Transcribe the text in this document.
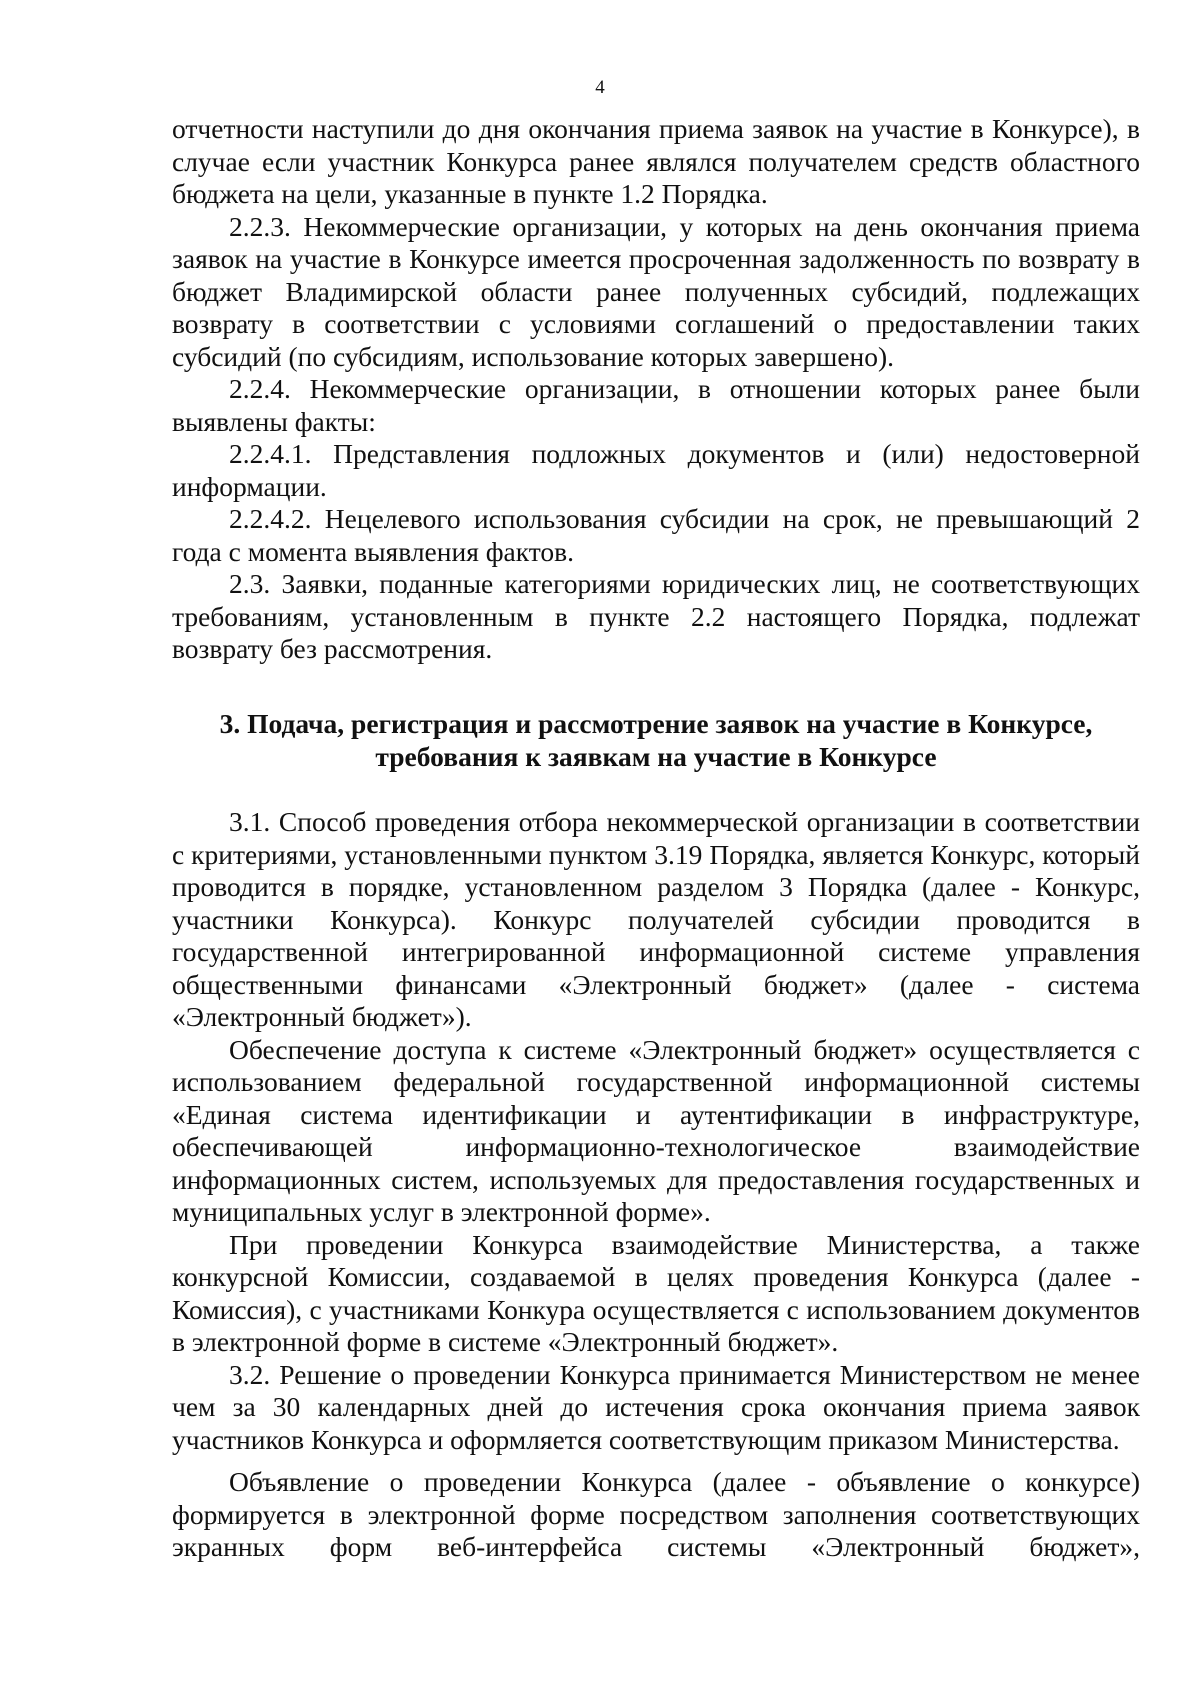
4

отчетности наступили до дня окончания приема заявок на участие в Конкурсе), в случае если участник Конкурса ранее являлся получателем средств областного бюджета на цели, указанные в пункте 1.2 Порядка.

2.2.3. Некоммерческие организации, у которых на день окончания приема заявок на участие в Конкурсе имеется просроченная задолженность по возврату в бюджет Владимирской области ранее полученных субсидий, подлежащих возврату в соответствии с условиями соглашений о предоставлении таких субсидий (по субсидиям, использование которых завершено).

2.2.4. Некоммерческие организации, в отношении которых ранее были выявлены факты:

2.2.4.1. Представления подложных документов и (или) недостоверной информации.

2.2.4.2. Нецелевого использования субсидии на срок, не превышающий 2 года с момента выявления фактов.

2.3. Заявки, поданные категориями юридических лиц, не соответствующих требованиям, установленным в пункте 2.2 настоящего Порядка, подлежат возврату без рассмотрения.

3. Подача, регистрация и рассмотрение заявок на участие в Конкурсе,
требования к заявкам на участие в Конкурсе

3.1. Способ проведения отбора некоммерческой организации в соответствии с критериями, установленными пунктом 3.19 Порядка, является Конкурс, который проводится в порядке, установленном разделом 3 Порядка (далее - Конкурс, участники Конкурса). Конкурс получателей субсидии проводится в государственной интегрированной информационной системе управления общественными финансами «Электронный бюджет» (далее - система «Электронный бюджет»).

Обеспечение доступа к системе «Электронный бюджет» осуществляется с использованием федеральной государственной информационной системы «Единая система идентификации и аутентификации в инфраструктуре, обеспечивающей информационно-технологическое взаимодействие информационных систем, используемых для предоставления государственных и муниципальных услуг в электронной форме».

При проведении Конкурса взаимодействие Министерства, а также конкурсной Комиссии, создаваемой в целях проведения Конкурса (далее - Комиссия), с участниками Конкура осуществляется с использованием документов в электронной форме в системе «Электронный бюджет».

3.2. Решение о проведении Конкурса принимается Министерством не менее чем за 30 календарных дней до истечения срока окончания приема заявок участников Конкурса и оформляется соответствующим приказом Министерства.

Объявление о проведении Конкурса (далее - объявление о конкурсе) формируется в электронной форме посредством заполнения соответствующих экранных форм веб-интерфейса системы «Электронный бюджет»,
